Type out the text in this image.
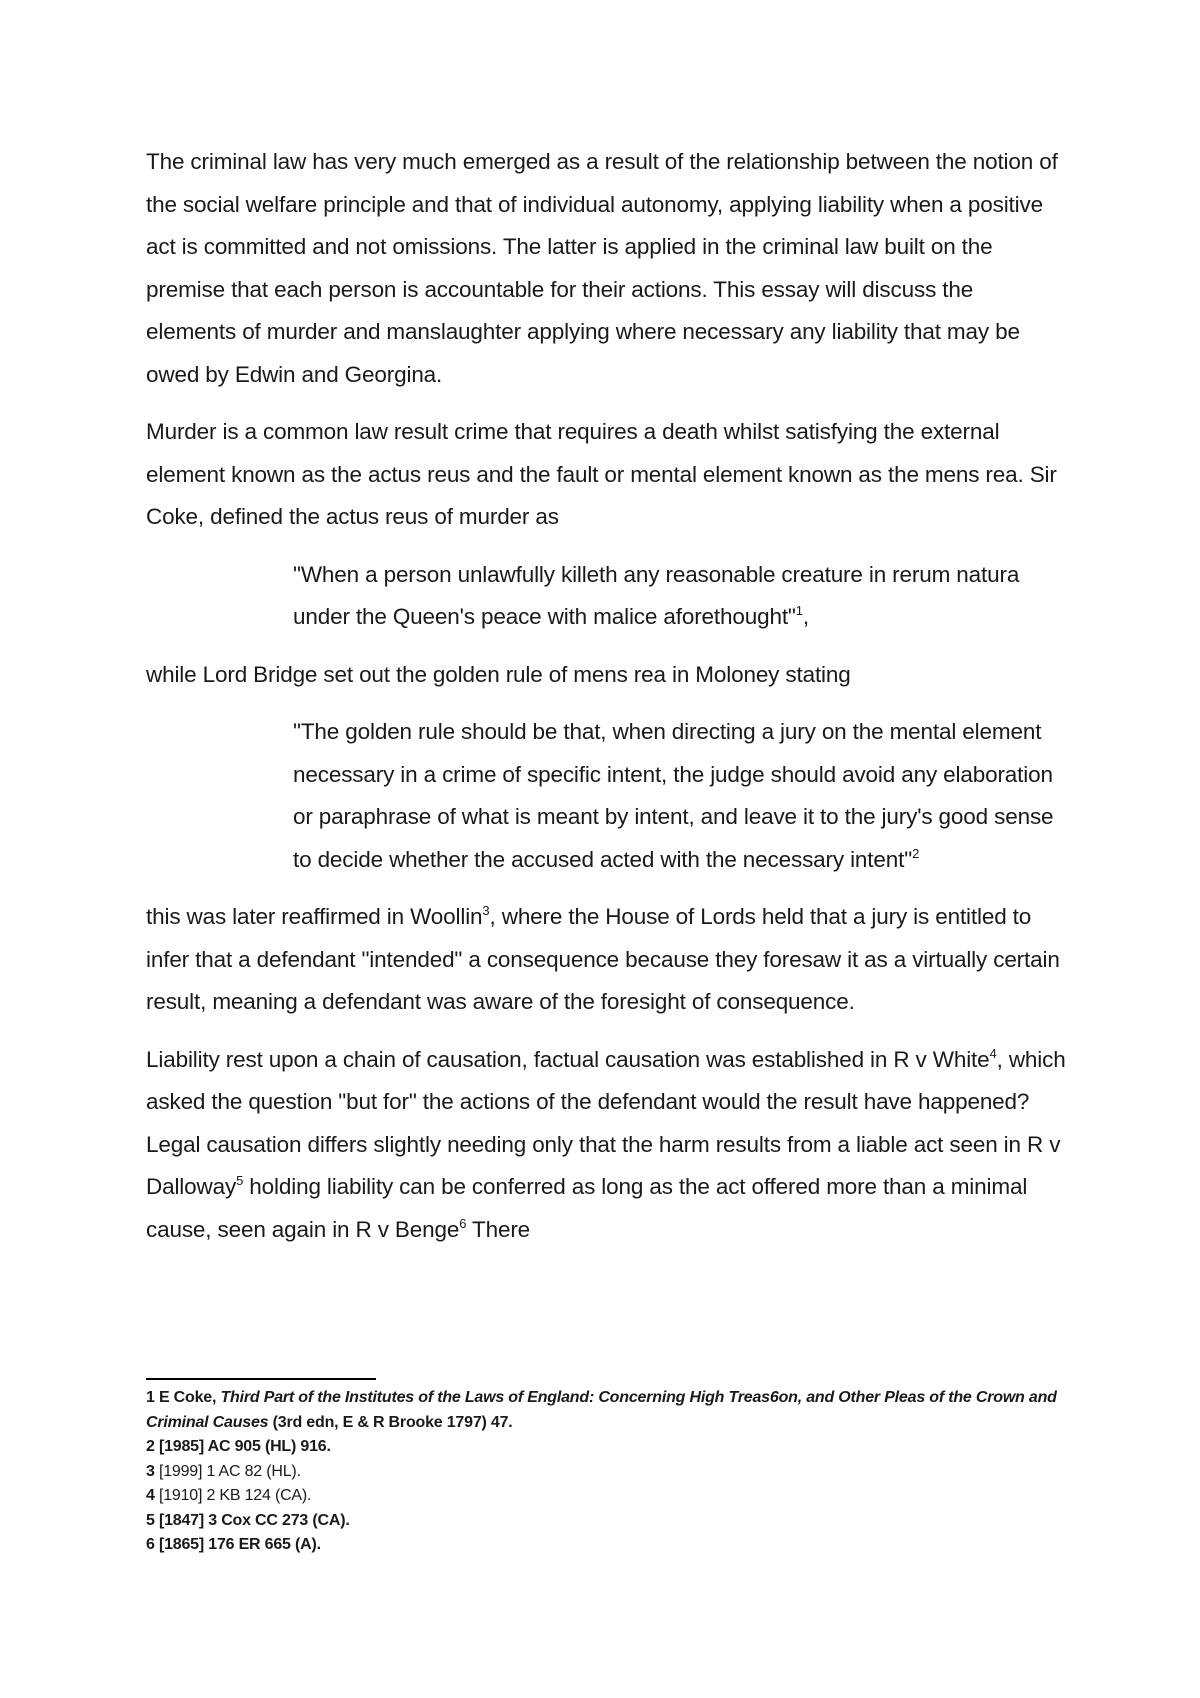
The criminal law has very much emerged as a result of the relationship between the notion of the social welfare principle and that of individual autonomy, applying liability when a positive act is committed and not omissions. The latter is applied in the criminal law built on the premise that each person is accountable for their actions. This essay will discuss the elements of murder and manslaughter applying where necessary any liability that may be owed by Edwin and Georgina.

Murder is a common law result crime that requires a death whilst satisfying the external element known as the actus reus and the fault or mental element known as the mens rea. Sir Coke, defined the actus reus of murder as

"When a person unlawfully killeth any reasonable creature in rerum natura under the Queen's peace with malice aforethought"$^1$,

while Lord Bridge set out the golden rule of mens rea in Moloney stating

"The golden rule should be that, when directing a jury on the mental element necessary in a crime of specific intent, the judge should avoid any elaboration or paraphrase of what is meant by intent, and leave it to the jury's good sense to decide whether the accused acted with the necessary intent"$^2$

this was later reaffirmed in Woollin$^3$, where the House of Lords held that a jury is entitled to infer that a defendant "intended" a consequence because they foresaw it as a virtually certain result, meaning a defendant was aware of the foresight of consequence.

Liability rest upon a chain of causation, factual causation was established in R v White$^4$, which asked the question "but for" the actions of the defendant would the result have happened? Legal causation differs slightly needing only that the harm results from a liable act seen in R v Dalloway$^5$ holding liability can be conferred as long as the act offered more than a minimal cause, seen again in R v Benge$^6$ There

1 E Coke, Third Part of the Institutes of the Laws of England: Concerning High Treas6on, and Other Pleas of the Crown and Criminal Causes (3rd edn, E & R Brooke 1797) 47.

2 [1985] AC 905 (HL) 916.

3 [1999] 1 AC 82 (HL).

4 [1910] 2 KB 124 (CA).

5 [1847] 3 Cox CC 273 (CA).

6 [1865] 176 ER 665 (A).
